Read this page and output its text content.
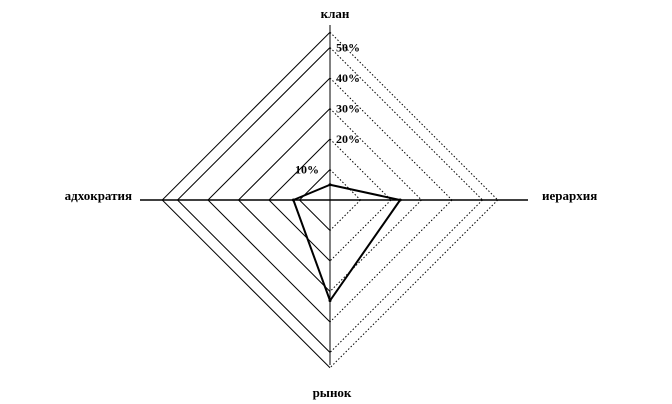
10%
20%
30%
40%
50%
клан
иерархия
рынок
адхократия
